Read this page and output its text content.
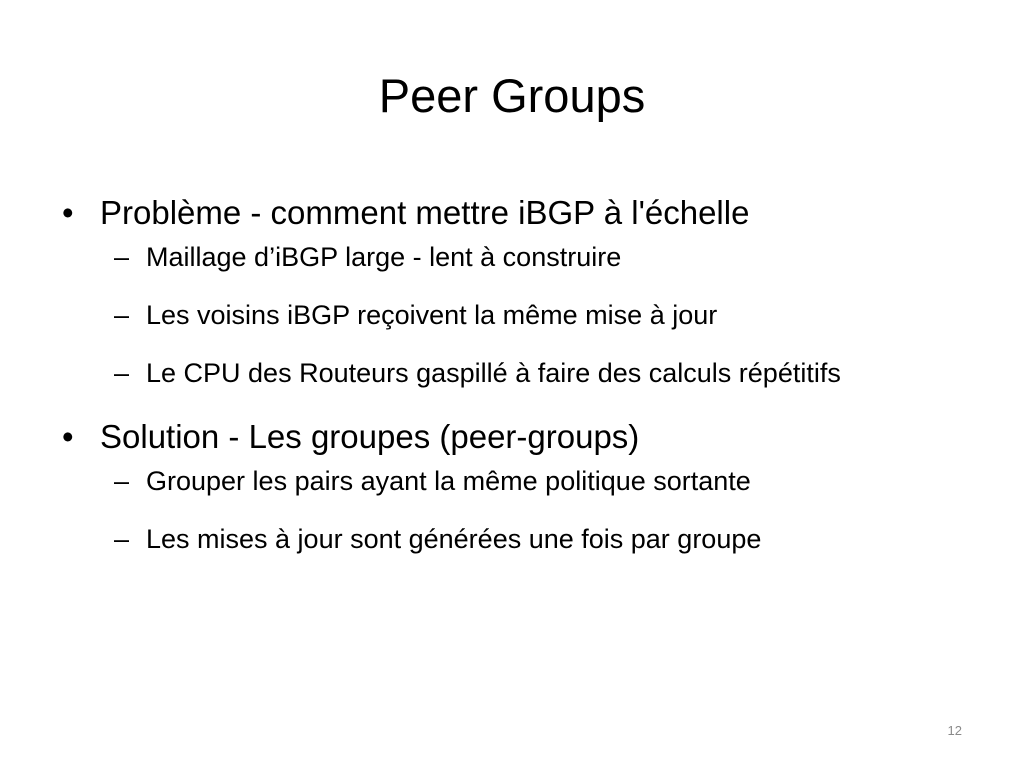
Peer Groups
• Problème - comment mettre iBGP à l'échelle
– Maillage d’iBGP large - lent à construire
– Les voisins iBGP reçoivent la même mise à jour
– Le CPU des Routeurs gaspillé à faire des calculs répétitifs
• Solution - Les groupes (peer-groups)
– Grouper les pairs ayant la même politique sortante
– Les mises à jour sont générées une fois par groupe
12
